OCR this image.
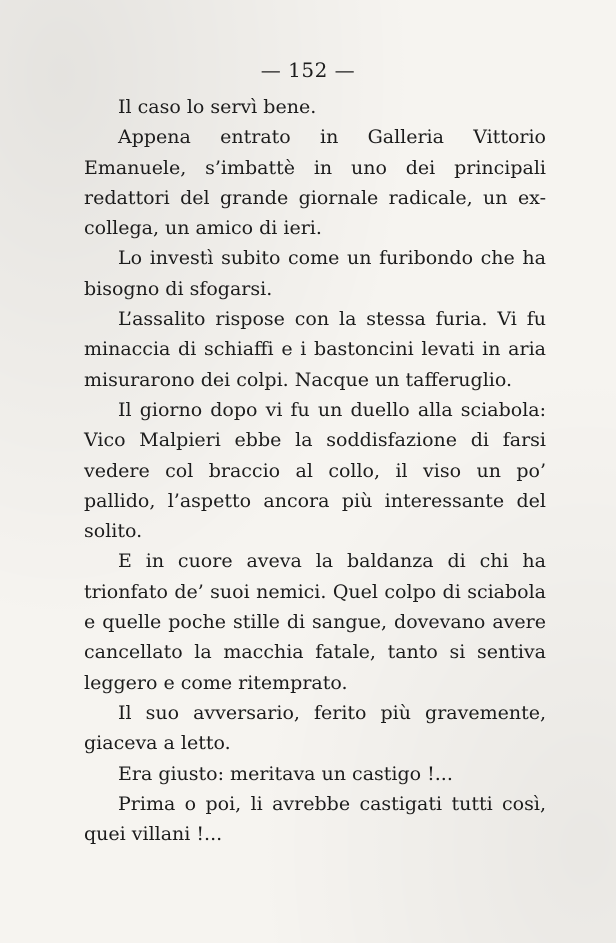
— 152 —

Il caso lo servì bene.

Appena entrato in Galleria Vittorio Emanuele, s’imbattè in uno dei principali redattori del grande giornale radicale, un ex-collega, un amico di ieri.

Lo investì subito come un furibondo che ha bisogno di sfogarsi.

L’assalito rispose con la stessa furia. Vi fu minaccia di schiaffi e i bastoncini levati in aria misurarono dei colpi. Nacque un tafferuglio.

Il giorno dopo vi fu un duello alla sciabola: Vico Malpieri ebbe la soddisfazione di farsi vedere col braccio al collo, il viso un po’ pallido, l’aspetto ancora più interessante del solito.

E in cuore aveva la baldanza di chi ha trionfato de’ suoi nemici. Quel colpo di sciabola e quelle poche stille di sangue, dovevano avere cancellato la macchia fatale, tanto si sentiva leggero e come ritemprato.

Il suo avversario, ferito più gravemente, giaceva a letto.

Era giusto: meritava un castigo !...

Prima o poi, li avrebbe castigati tutti così, quei villani !...
